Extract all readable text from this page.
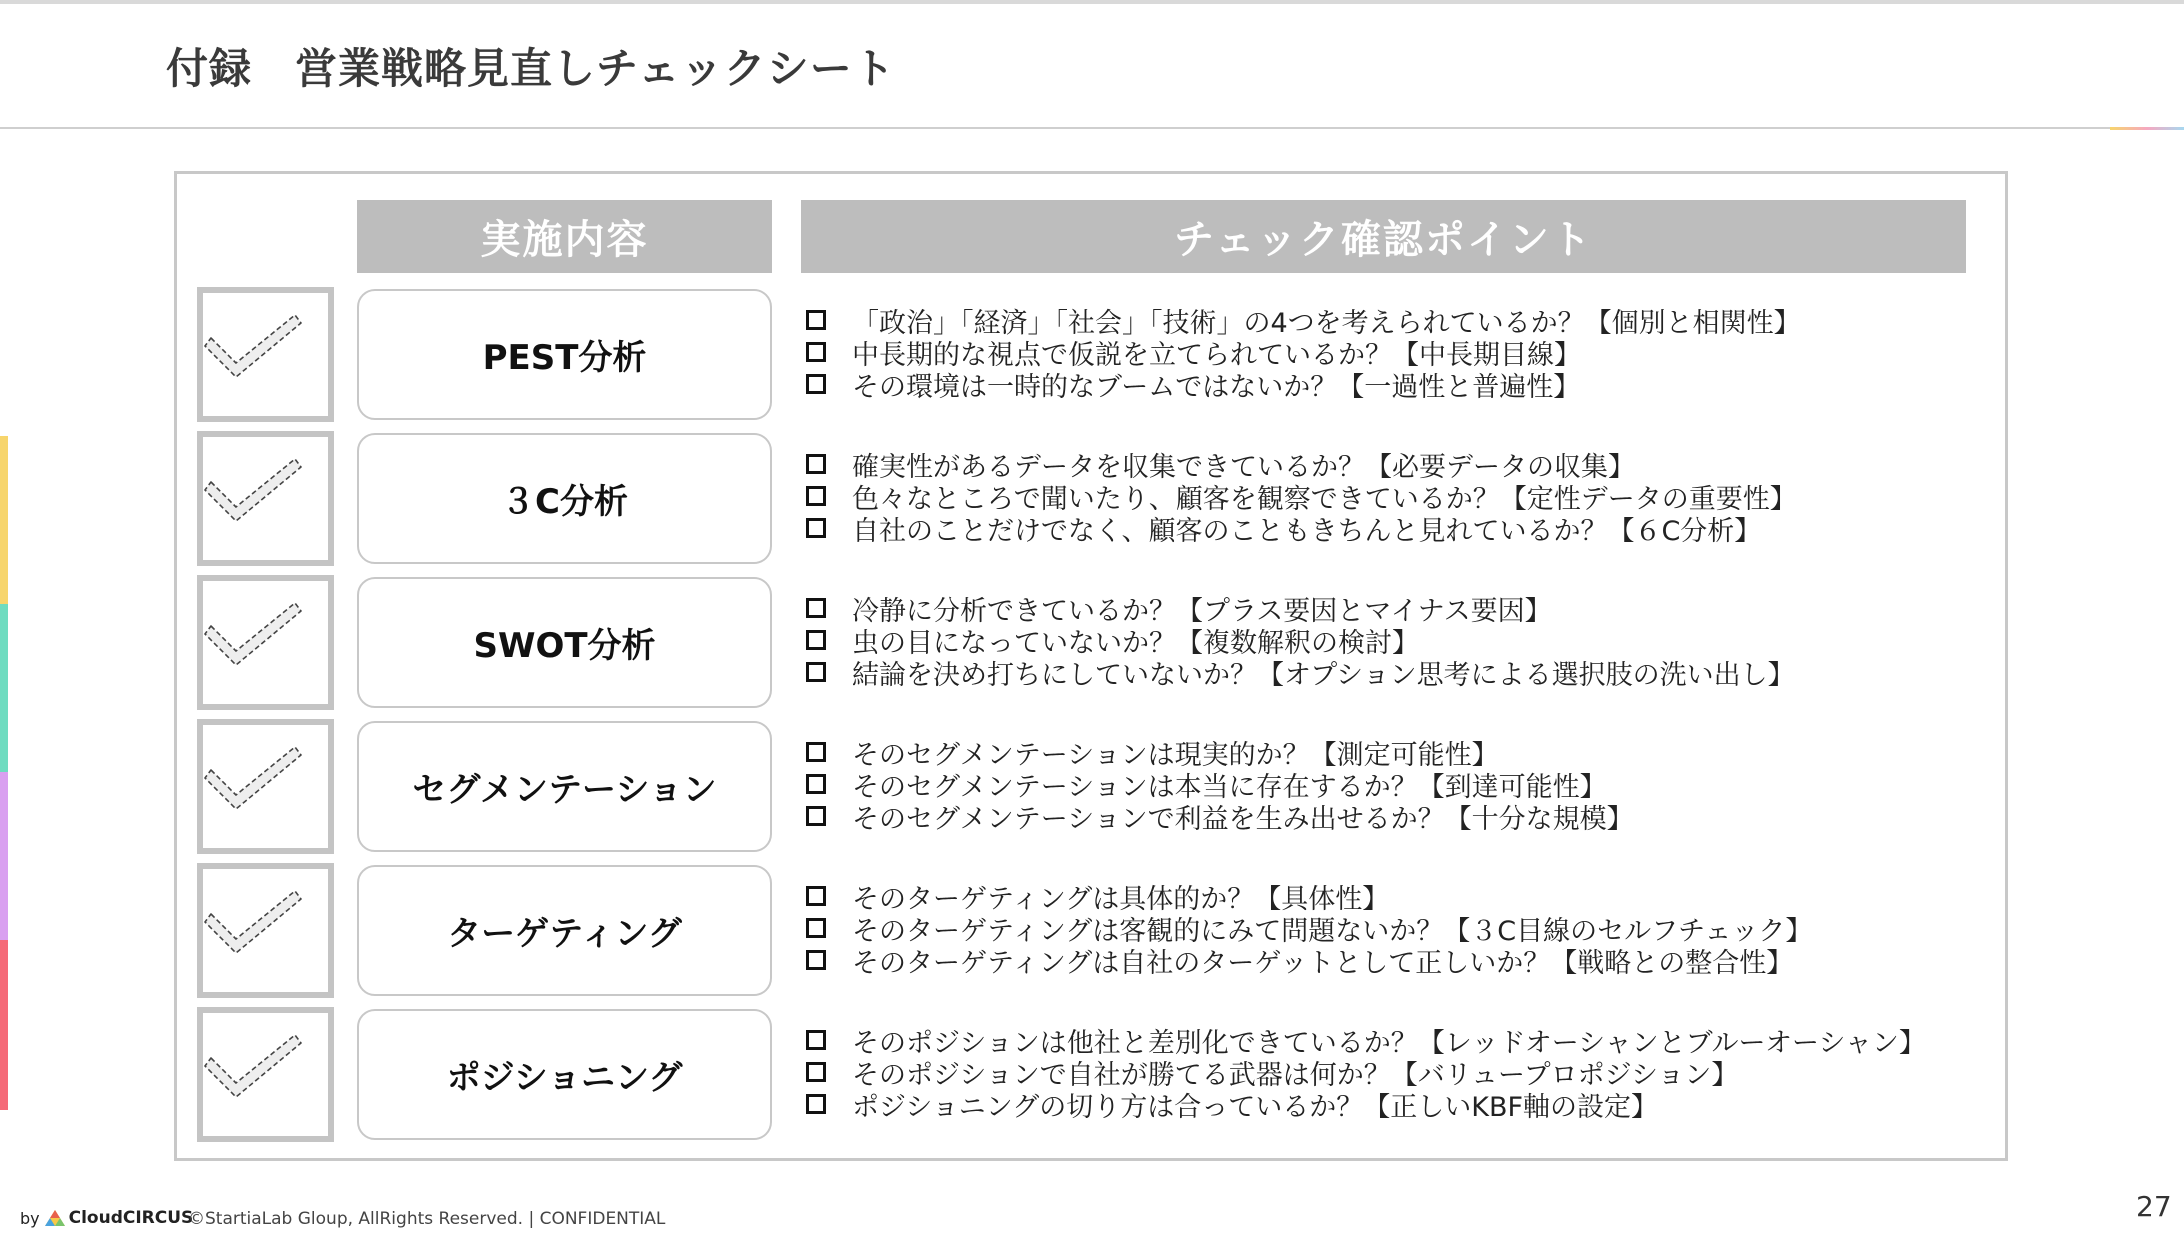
付録　営業戦略見直しチェックシート
実施内容	チェック確認ポイント
PEST分析
「政治」「経済」「社会」「技術」の4つを考えられているか？【個別と相関性】
中長期的な視点で仮説を立てられているか？【中長期目線】
その環境は一時的なブームではないか？【一過性と普遍性】
３C分析
確実性があるデータを収集できているか？【必要データの収集】
色々なところで聞いたり、顧客を観察できているか？【定性データの重要性】
自社のことだけでなく、顧客のこともきちんと見れているか？【６C分析】
SWOT分析
冷静に分析できているか？【プラス要因とマイナス要因】
虫の目になっていないか？【複数解釈の検討】
結論を決め打ちにしていないか？【オプション思考による選択肢の洗い出し】
セグメンテーション
そのセグメンテーションは現実的か？【測定可能性】
そのセグメンテーションは本当に存在するか？【到達可能性】
そのセグメンテーションで利益を生み出せるか？【十分な規模】
ターゲティング
そのターゲティングは具体的か？【具体性】
そのターゲティングは客観的にみて問題ないか？【３C目線のセルフチェック】
そのターゲティングは自社のターゲットとして正しいか？【戦略との整合性】
ポジショニング
そのポジションは他社と差別化できているか？【レッドオーシャンとブルーオーシャン】
そのポジションで自社が勝てる武器は何か？【バリュープロポジション】
ポジショニングの切り方は合っているか？【正しいKBF軸の設定】
by CloudCIRCUS
©StartiaLab Gloup, AllRights Reserved. | CONFIDENTIAL	27
